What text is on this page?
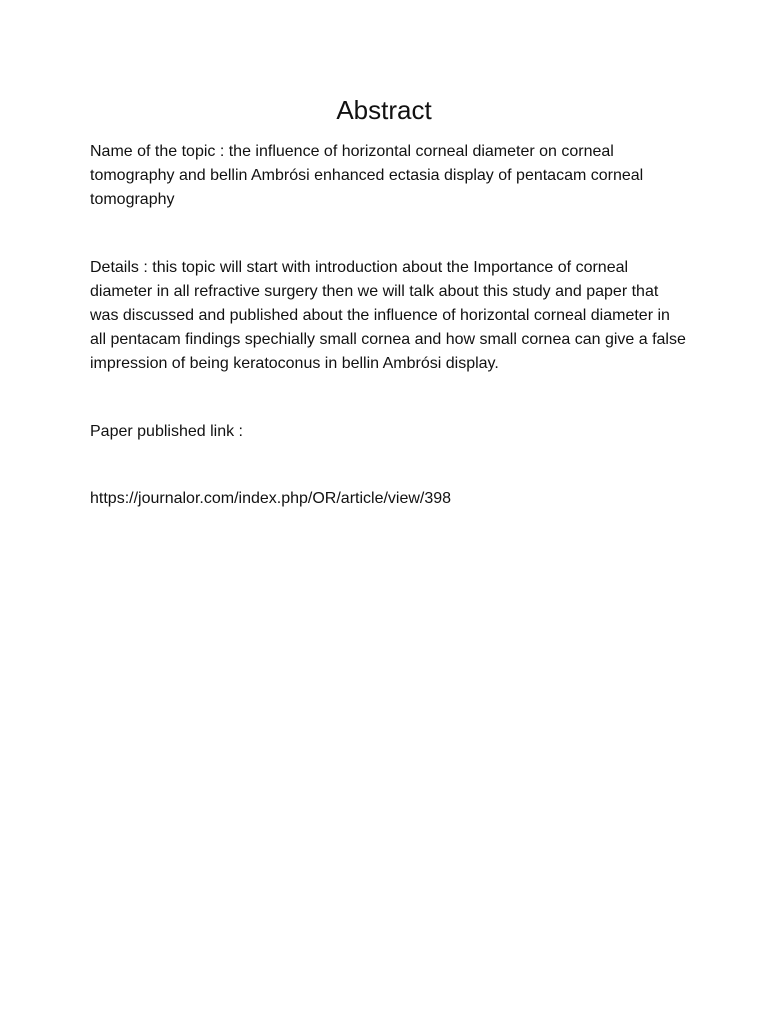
Abstract

Name of the topic : the influence of horizontal corneal diameter on corneal tomography and bellin Ambrósi enhanced ectasia display of pentacam corneal tomography

Details : this topic will start with introduction about the Importance of corneal diameter in all refractive surgery then we will talk about this study and paper that was discussed and published about the influence of horizontal corneal diameter in all pentacam findings spechially small cornea and how small cornea can give a false impression of being keratoconus in bellin Ambrósi display.

Paper published link :

https://journalor.com/index.php/OR/article/view/398
